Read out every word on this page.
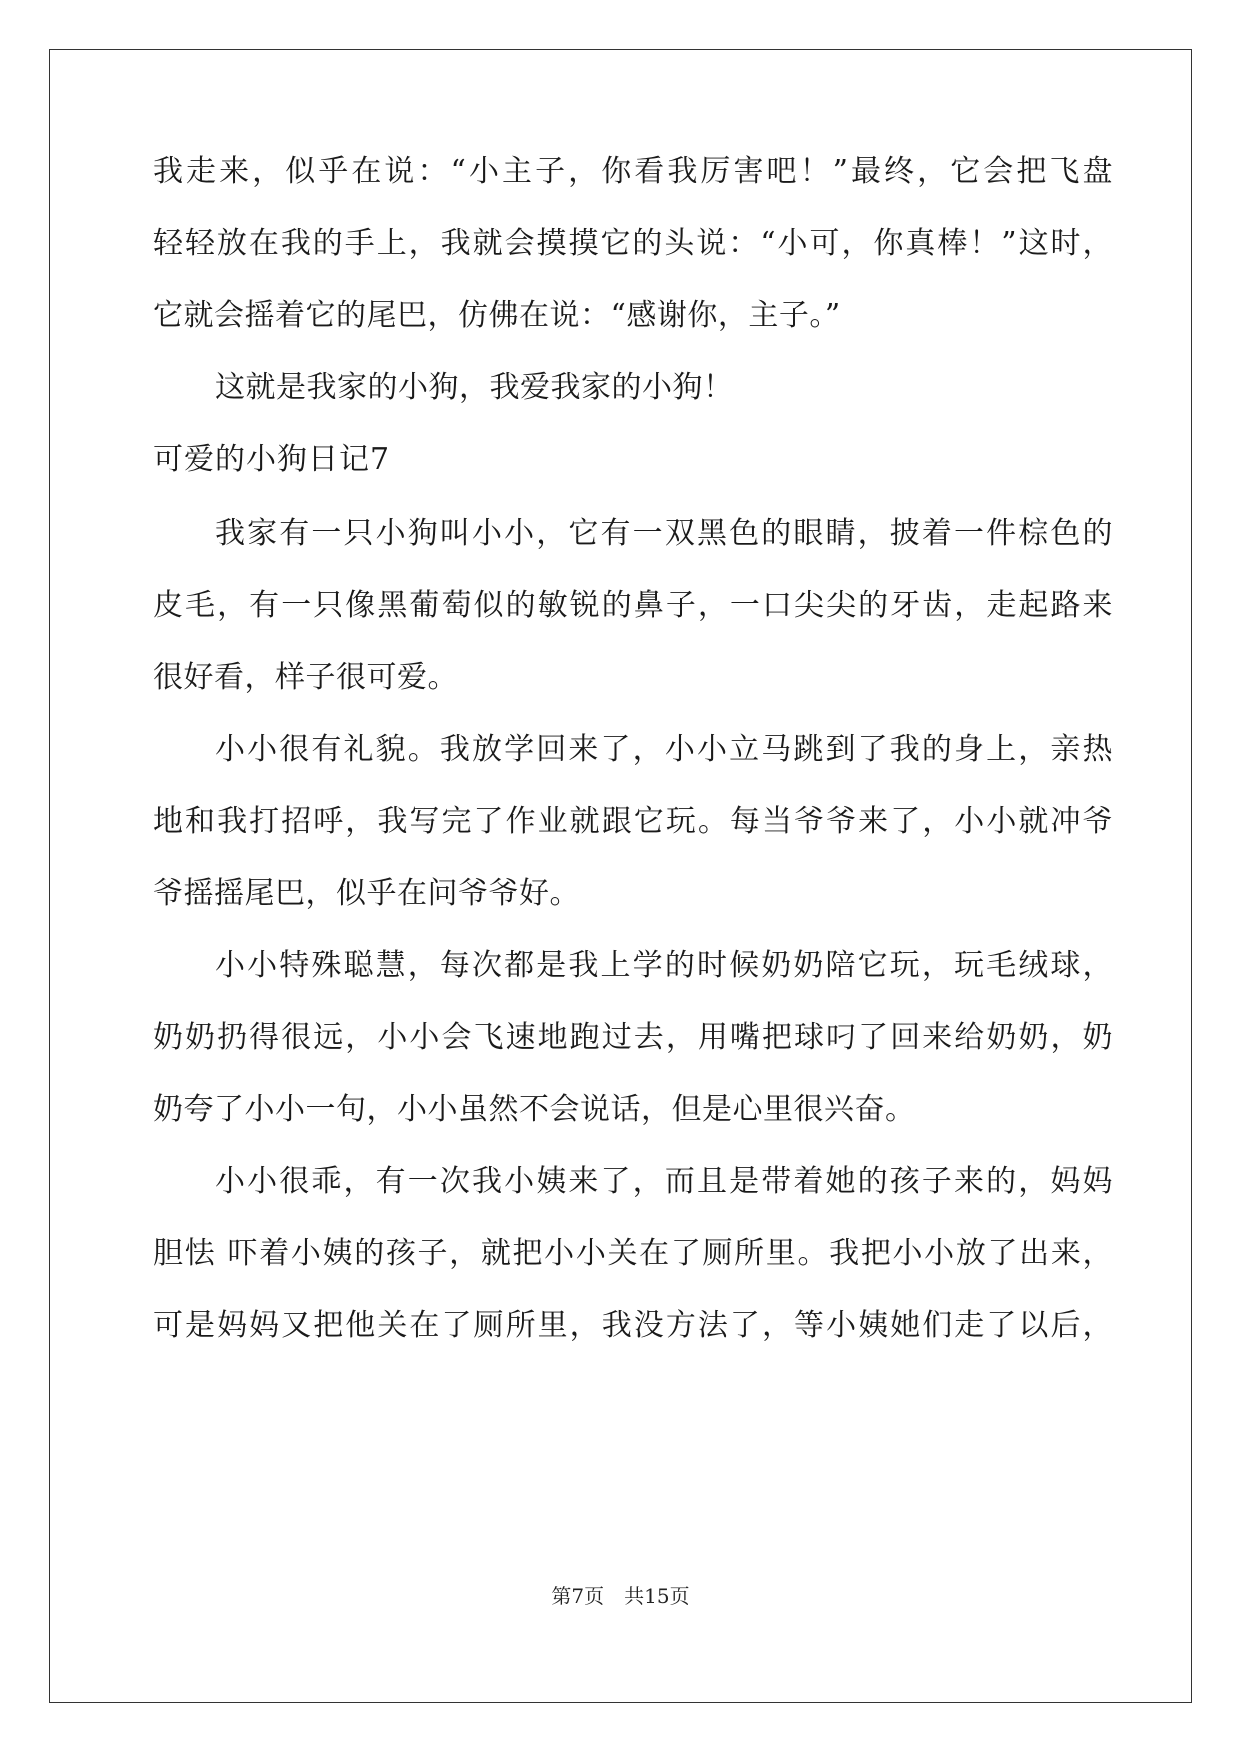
我走来，似乎在说：“小主子，你看我厉害吧！”最终，它会把飞盘
轻轻放在我的手上，我就会摸摸它的头说：“小可，你真棒！”这时，
它就会摇着它的尾巴，仿佛在说：“感谢你，主子。”
这就是我家的小狗，我爱我家的小狗！
可爱的小狗日记7
我家有一只小狗叫小小，它有一双黑色的眼睛，披着一件棕色的
皮毛，有一只像黑葡萄似的敏锐的鼻子，一口尖尖的牙齿，走起路来
很好看，样子很可爱。
小小很有礼貌。我放学回来了，小小立马跳到了我的身上，亲热
地和我打招呼，我写完了作业就跟它玩。每当爷爷来了，小小就冲爷
爷摇摇尾巴，似乎在问爷爷好。
小小特殊聪慧，每次都是我上学的时候奶奶陪它玩，玩毛绒球，
奶奶扔得很远，小小会飞速地跑过去，用嘴把球叼了回来给奶奶，奶
奶夸了小小一句，小小虽然不会说话，但是心里很兴奋。
小小很乖，有一次我小姨来了，而且是带着她的孩子来的，妈妈
胆怯 吓着小姨的孩子，就把小小关在了厕所里。我把小小放了出来，
可是妈妈又把他关在了厕所里，我没方法了，等小姨她们走了以后，
第7页 共15页
